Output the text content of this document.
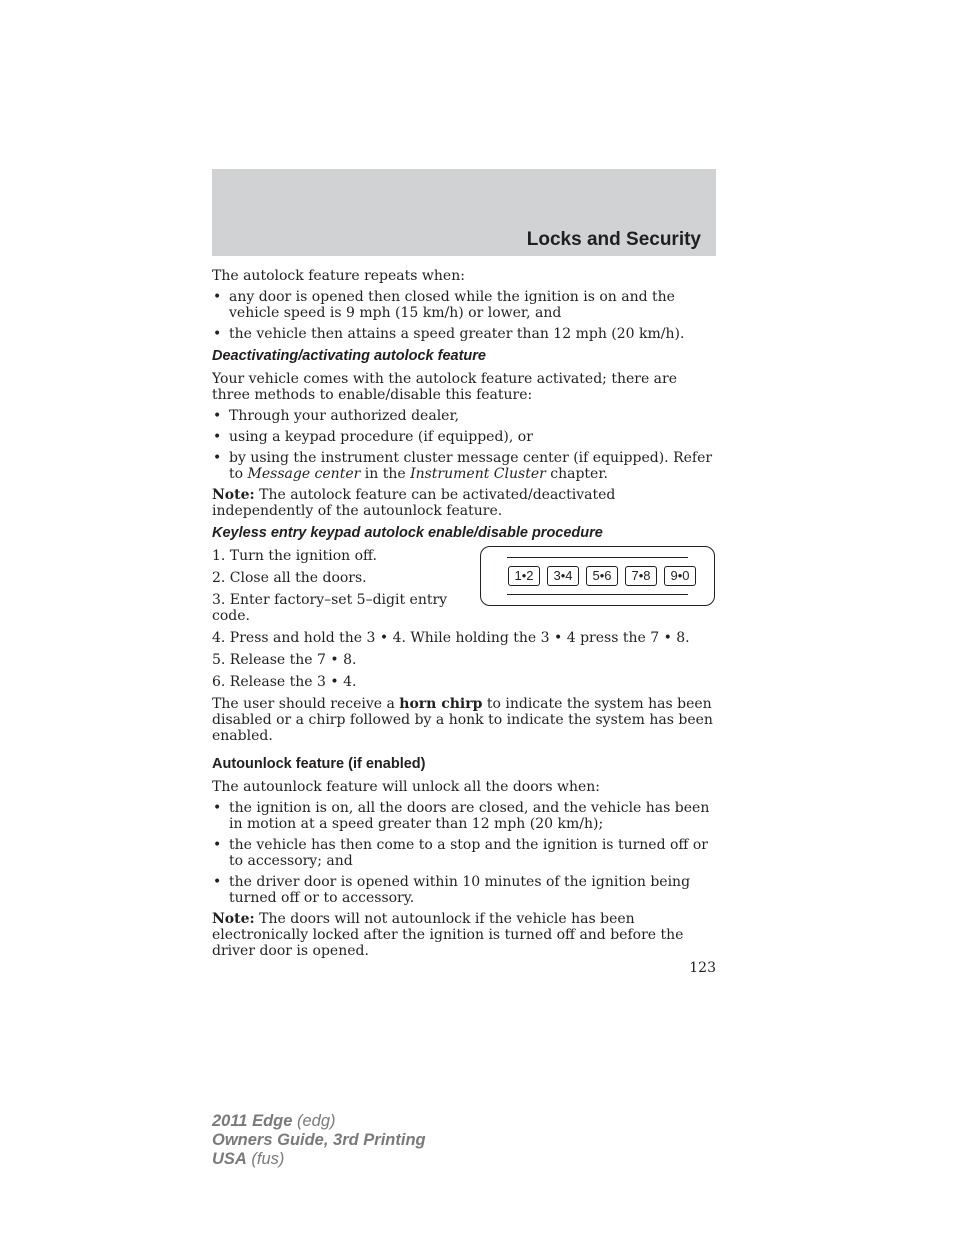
Locks and Security

The autolock feature repeats when:

• any door is opened then closed while the ignition is on and the vehicle speed is 9 mph (15 km/h) or lower, and
• the vehicle then attains a speed greater than 12 mph (20 km/h).
Deactivating/activating autolock feature

Your vehicle comes with the autolock feature activated; there are three methods to enable/disable this feature:

• Through your authorized dealer,
• using a keypad procedure (if equipped), or
• by using the instrument cluster message center (if equipped). Refer to Message center in the Instrument Cluster chapter.

Note: The autolock feature can be activated/deactivated independently of the autounlock feature.

Keyless entry keypad autolock enable/disable procedure

1. Turn the ignition off.

2. Close all the doors.

3. Enter factory–set 5–digit entry code.

1•2	3•4	5•6	7•8	9•0

4. Press and hold the 3 • 4. While holding the 3 • 4 press the 7 • 8.

5. Release the 7 • 8.

6. Release the 3 • 4.

The user should receive a horn chirp to indicate the system has been disabled or a chirp followed by a honk to indicate the system has been enabled.

Autounlock feature (if enabled)

The autounlock feature will unlock all the doors when:

• the ignition is on, all the doors are closed, and the vehicle has been in motion at a speed greater than 12 mph (20 km/h);
• the vehicle has then come to a stop and the ignition is turned off or to accessory; and
• the driver door is opened within 10 minutes of the ignition being turned off or to accessory.

Note: The doors will not autounlock if the vehicle has been electronically locked after the ignition is turned off and before the driver door is opened.

123
2011 Edge (edg)
Owners Guide, 3rd Printing
USA (fus)
